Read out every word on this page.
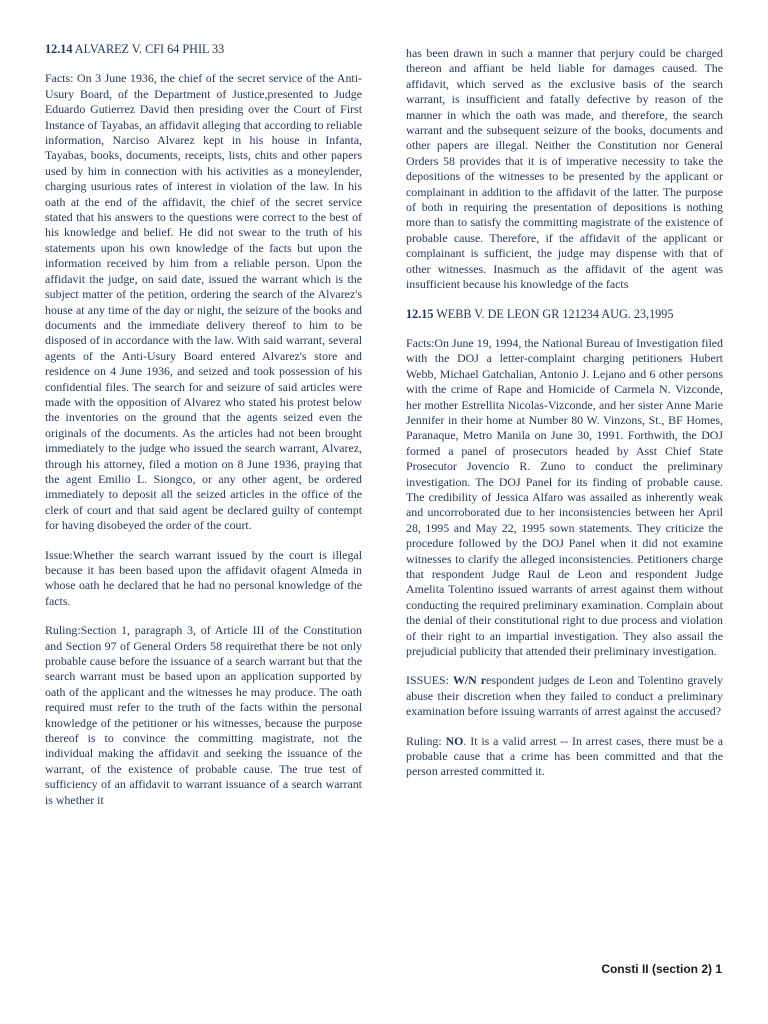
12.14 ALVAREZ V. CFI 64 PHIL 33

Facts: On 3 June 1936, the chief of the secret service of the Anti- Usury Board, of the Department of Justice,presented to Judge Eduardo Gutierrez David then presiding over the Court of First Instance of Tayabas, an affidavit alleging that according to reliable information, Narciso Alvarez kept in his house in Infanta, Tayabas, books, documents, receipts, lists, chits and other papers used by him in connection with his activities as a moneylender, charging usurious rates of interest in violation of the law. In his oath at the end of the affidavit, the chief of the secret service stated that his answers to the questions were correct to the best of his knowledge and belief. He did not swear to the truth of his statements upon his own knowledge of the facts but upon the information received by him from a reliable person. Upon the affidavit the judge, on said date, issued the warrant which is the subject matter of the petition, ordering the search of the Alvarez's house at any time of the day or night, the seizure of the books and documents and the immediate delivery thereof to him to be disposed of in accordance with the law. With said warrant, several agents of the Anti-Usury Board entered Alvarez's store and residence on 4 June 1936, and seized and took possession of his confidential files. The search for and seizure of said articles were made with the opposition of Alvarez who stated his protest below the inventories on the ground that the agents seized even the originals of the documents. As the articles had not been brought immediately to the judge who issued the search warrant, Alvarez, through his attorney, filed a motion on 8 June 1936, praying that the agent Emilio L. Siongco, or any other agent, be ordered immediately to deposit all the seized articles in the office of the clerk of court and that said agent be declared guilty of contempt for having disobeyed the order of the court.

Issue:Whether the search warrant issued by the court is illegal because it has been based upon the affidavit ofagent Almeda in whose oath he declared that he had no personal knowledge of the facts.

Ruling:Section 1, paragraph 3, of Article III of the Constitution and Section 97 of General Orders 58 requirethat there be not only probable cause before the issuance of a search warrant but that the search warrant must be based upon an application supported by oath of the applicant and the witnesses he may produce. The oath required must refer to the truth of the facts within the personal knowledge of the petitioner or his witnesses, because the purpose thereof is to convince the committing magistrate, not the individual making the affidavit and seeking the issuance of the warrant, of the existence of probable cause. The true test of sufficiency of an affidavit to warrant issuance of a search warrant is whether it

has been drawn in such a manner that perjury could be charged thereon and affiant be held liable for damages caused. The affidavit, which served as the exclusive basis of the search warrant, is insufficient and fatally defective by reason of the manner in which the oath was made, and therefore, the search warrant and the subsequent seizure of the books, documents and other papers are illegal. Neither the Constitution nor General Orders 58 provides that it is of imperative necessity to take the depositions of the witnesses to be presented by the applicant or complainant in addition to the affidavit of the latter. The purpose of both in requiring the presentation of depositions is nothing more than to satisfy the committing magistrate of the existence of probable cause. Therefore, if the affidavit of the applicant or complainant is sufficient, the judge may dispense with that of other witnesses. Inasmuch as the affidavit of the agent was insufficient because his knowledge of the facts

12.15 WEBB V. DE LEON GR 121234 AUG. 23,1995

Facts:On June 19, 1994, the National Bureau of Investigation filed with the DOJ a letter-complaint charging petitioners Hubert Webb, Michael Gatchalian, Antonio J. Lejano and 6 other persons with the crime of Rape and Homicide of Carmela N. Vizconde, her mother Estrellita Nicolas-Vizconde, and her sister Anne Marie Jennifer in their home at Number 80 W. Vinzons, St., BF Homes, Paranaque, Metro Manila on June 30, 1991. Forthwith, the DOJ formed a panel of prosecutors headed by Asst Chief State Prosecutor Jovencio R. Zuno to conduct the preliminary investigation. The DOJ Panel for its finding of probable cause. The credibility of Jessica Alfaro was assailed as inherently weak and uncorroborated due to her inconsistencies between her April 28, 1995 and May 22, 1995 sown statements. They criticize the procedure followed by the DOJ Panel when it did not examine witnesses to clarify the alleged inconsistencies. Petitioners charge that respondent Judge Raul de Leon and respondent Judge Amelita Tolentino issued warrants of arrest against them without conducting the required preliminary examination. Complain about the denial of their constitutional right to due process and violation of their right to an impartial investigation. They also assail the prejudicial publicity that attended their preliminary investigation.

ISSUES: W/N respondent judges de Leon and Tolentino gravely abuse their discretion when they failed to conduct a preliminary examination before issuing warrants of arrest against the accused?

Ruling: NO. It is a valid arrest -- In arrest cases, there must be a probable cause that a crime has been committed and that the person arrested committed it.

Consti II (section 2) 1
